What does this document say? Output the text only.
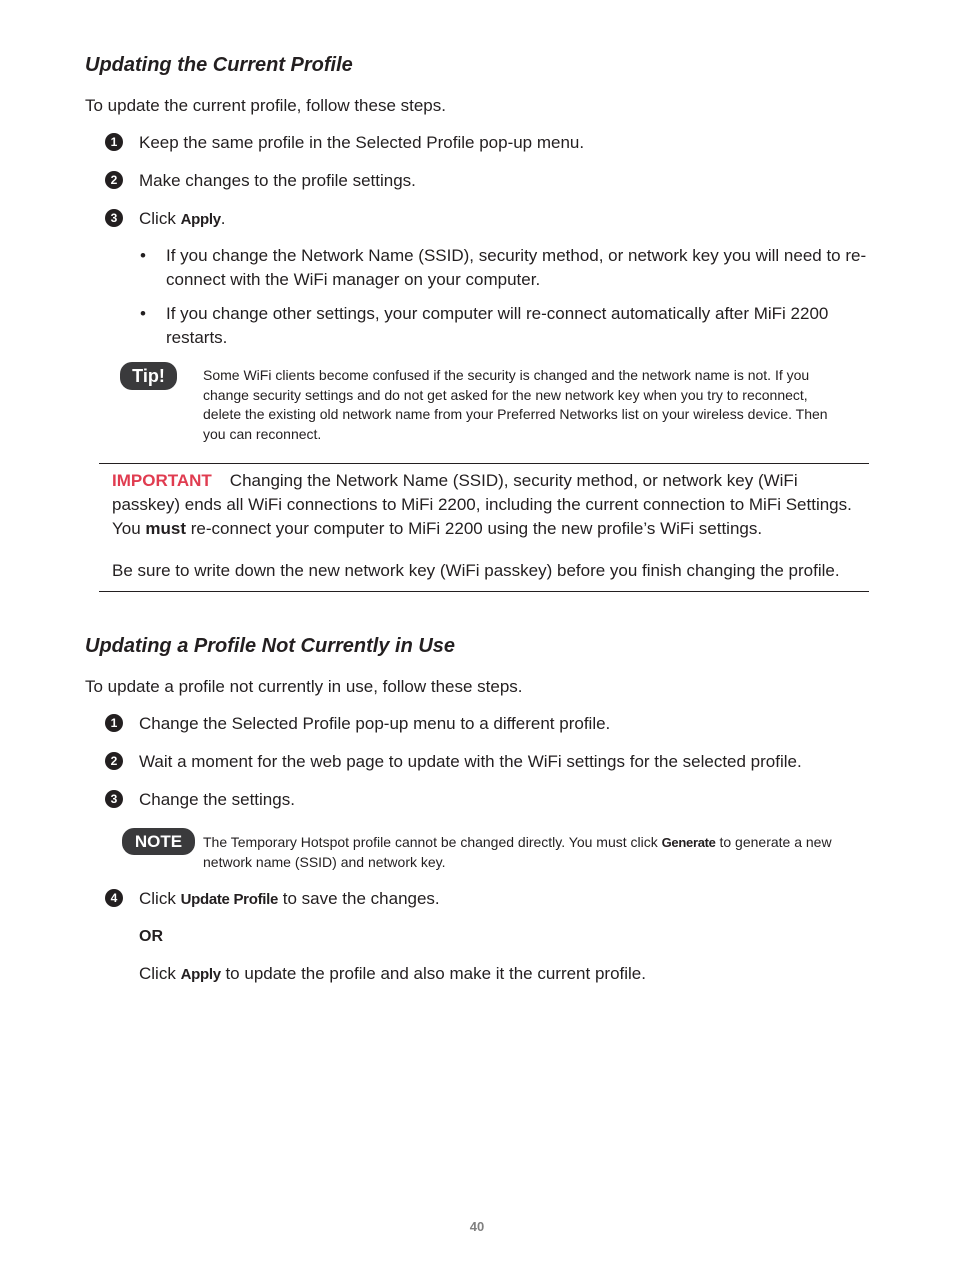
Updating the Current Profile
To update the current profile, follow these steps.
1	Keep the same profile in the Selected Profile pop-up menu.
2	Make changes to the profile settings.
3	Click Apply.
• If you change the Network Name (SSID), security method, or network key you will need to re-connect with the WiFi manager on your computer.
• If you change other settings, your computer will re-connect automatically after MiFi 2200 restarts.
Tip!	Some WiFi clients become confused if the security is changed and the network name is not. If you change security settings and do not get asked for the new network key when you try to reconnect, delete the existing old network name from your Preferred Networks list on your wireless device. Then you can reconnect.
IMPORTANT Changing the Network Name (SSID), security method, or network key (WiFi passkey) ends all WiFi connections to MiFi 2200, including the current connection to MiFi Settings. You must re-connect your computer to MiFi 2200 using the new profile’s WiFi settings.
Be sure to write down the new network key (WiFi passkey) before you finish changing the profile.
Updating a Profile Not Currently in Use
To update a profile not currently in use, follow these steps.
1	Change the Selected Profile pop-up menu to a different profile.
2	Wait a moment for the web page to update with the WiFi settings for the selected profile.
3	Change the settings.
NOTE	The Temporary Hotspot profile cannot be changed directly. You must click Generate to generate a new network name (SSID) and network key.
4	Click Update Profile to save the changes.
OR
Click Apply to update the profile and also make it the current profile.
40
